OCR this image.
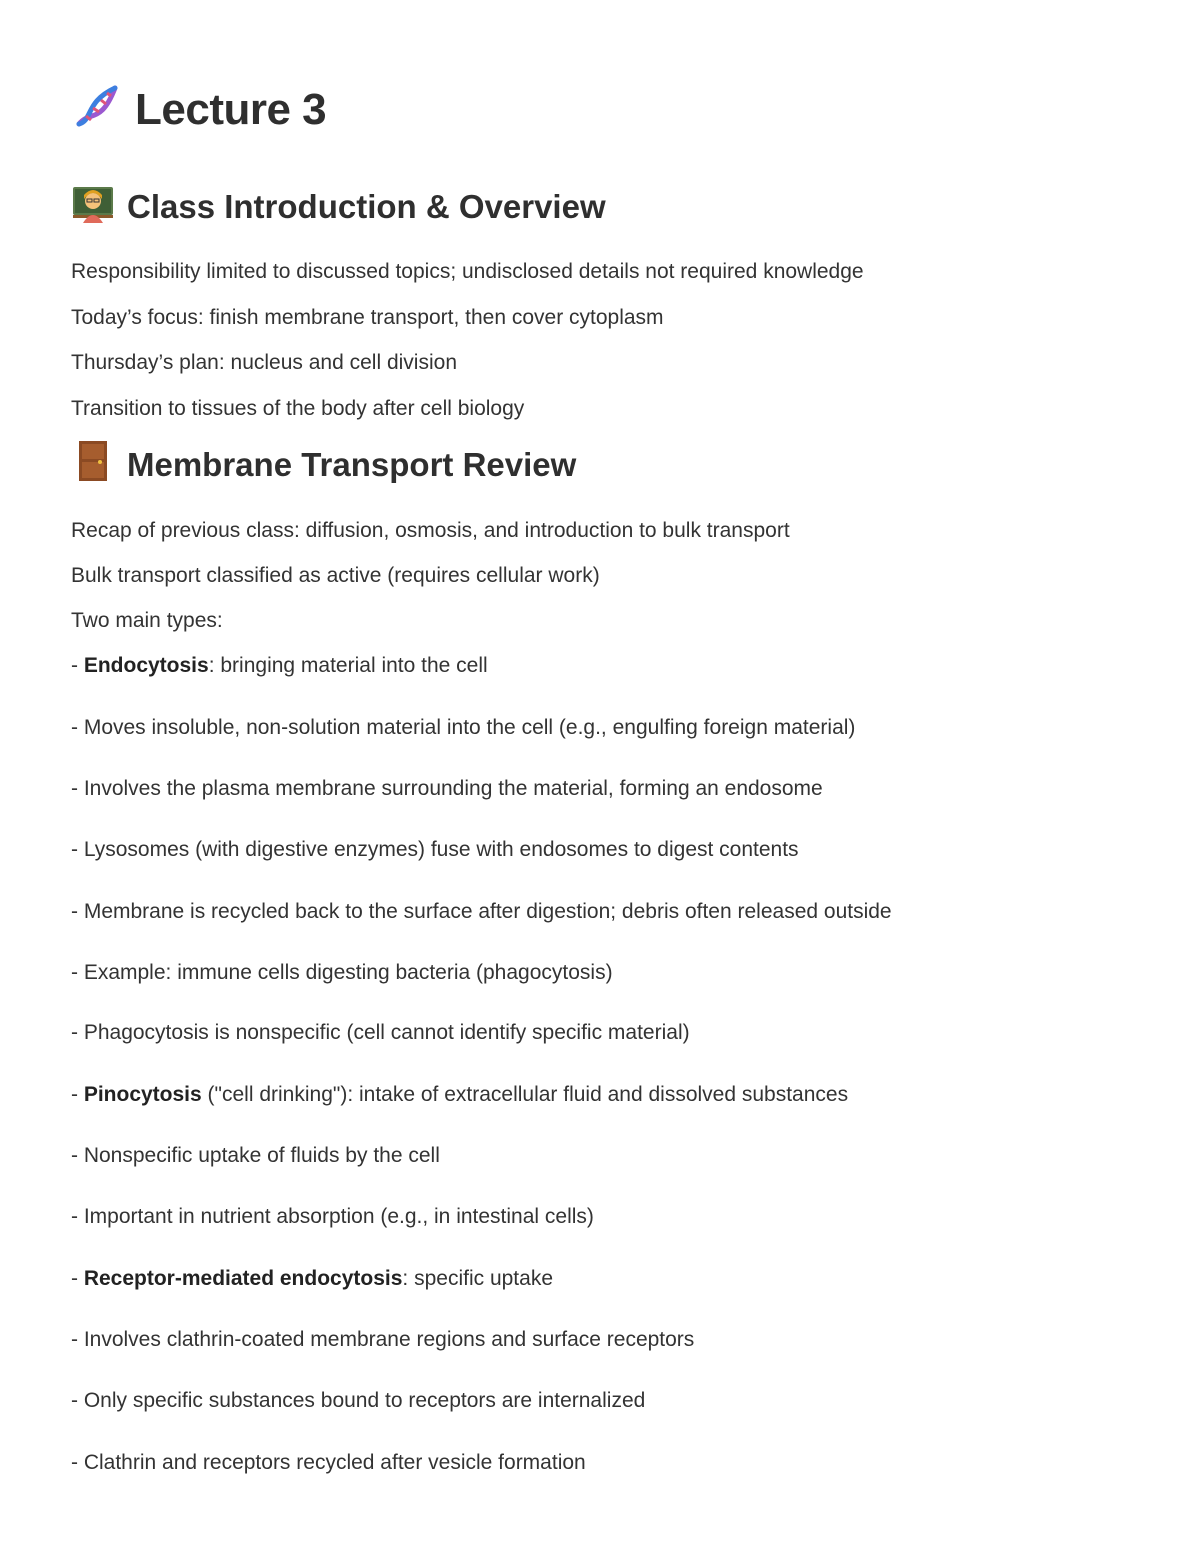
Lecture 3
Class Introduction & Overview
Responsibility limited to discussed topics; undisclosed details not required knowledge
Today’s focus: finish membrane transport, then cover cytoplasm
Thursday’s plan: nucleus and cell division
Transition to tissues of the body after cell biology
Membrane Transport Review
Recap of previous class: diffusion, osmosis, and introduction to bulk transport
Bulk transport classified as active (requires cellular work)
Two main types:
- Endocytosis: bringing material into the cell
- Moves insoluble, non-solution material into the cell (e.g., engulfing foreign material)
- Involves the plasma membrane surrounding the material, forming an endosome
- Lysosomes (with digestive enzymes) fuse with endosomes to digest contents
- Membrane is recycled back to the surface after digestion; debris often released outside
- Example: immune cells digesting bacteria (phagocytosis)
- Phagocytosis is nonspecific (cell cannot identify specific material)
- Pinocytosis ("cell drinking"): intake of extracellular fluid and dissolved substances
- Nonspecific uptake of fluids by the cell
- Important in nutrient absorption (e.g., in intestinal cells)
- Receptor-mediated endocytosis: specific uptake
- Involves clathrin-coated membrane regions and surface receptors
- Only specific substances bound to receptors are internalized
- Clathrin and receptors recycled after vesicle formation
